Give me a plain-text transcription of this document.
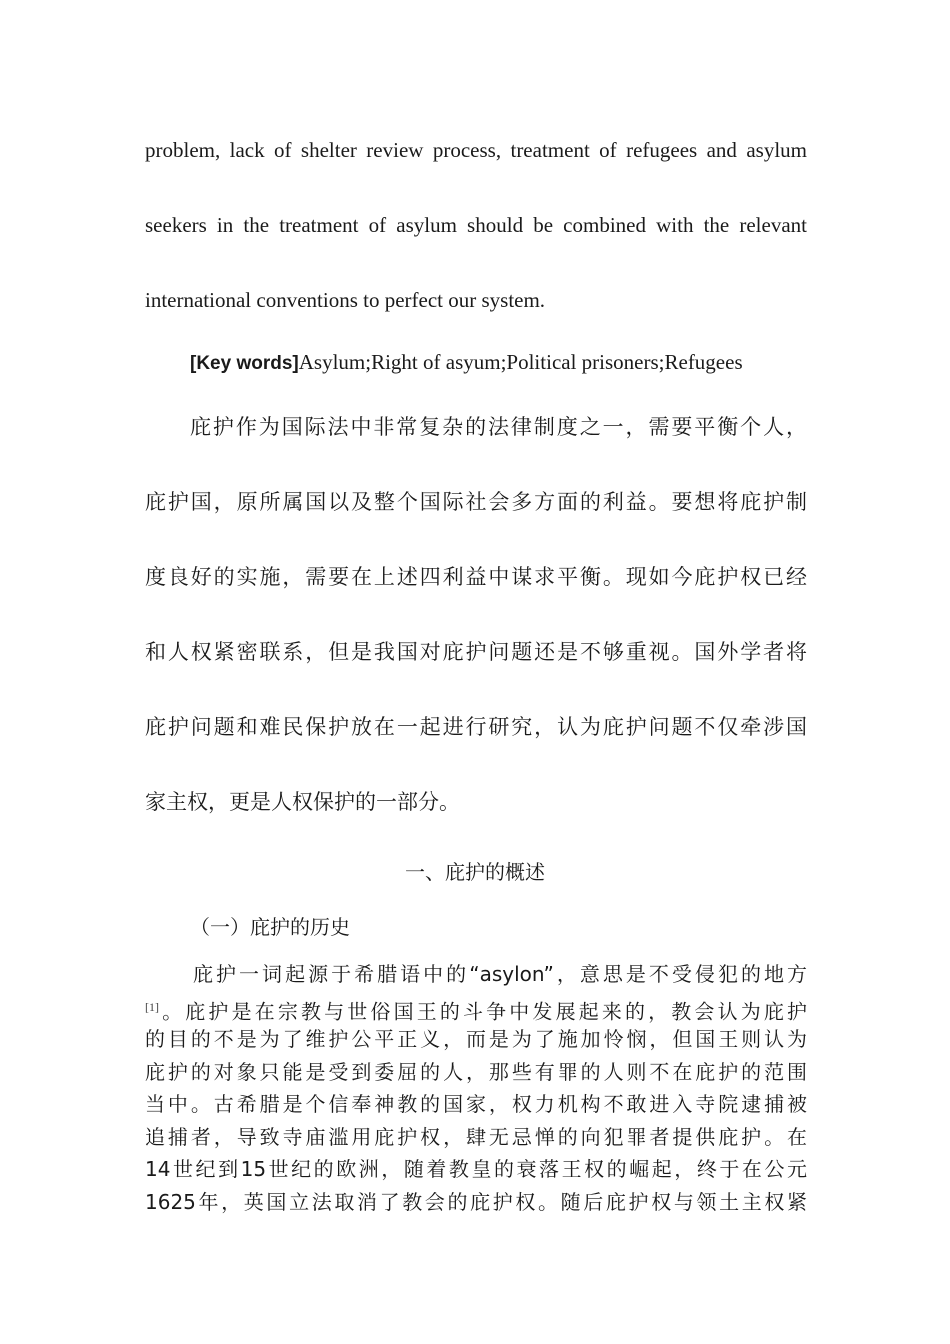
problem, lack of shelter review process, treatment of refugees and asylum
seekers in the treatment of asylum should be combined with the relevant
international conventions to perfect our system.
[Key words]Asylum;Right of asyum;Political prisoners;Refugees
庇护作为国际法中非常复杂的法律制度之一，需要平衡个人，
庇护国，原所属国以及整个国际社会多方面的利益。要想将庇护制
度良好的实施，需要在上述四利益中谋求平衡。现如今庇护权已经
和人权紧密联系，但是我国对庇护问题还是不够重视。国外学者将
庇护问题和难民保护放在一起进行研究，认为庇护问题不仅牵涉国
家主权，更是人权保护的一部分。
一、庇护的概述
（一）庇护的历史
庇护一词起源于希腊语中的“asylon”，意思是不受侵犯的地方
[1]。庇护是在宗教与世俗国王的斗争中发展起来的，教会认为庇护
的目的不是为了维护公平正义，而是为了施加怜悯，但国王则认为
庇护的对象只能是受到委屈的人，那些有罪的人则不在庇护的范围
当中。古希腊是个信奉神教的国家，权力机构不敢进入寺院逮捕被
追捕者，导致寺庙滥用庇护权，肆无忌惮的向犯罪者提供庇护。在
14世纪到15世纪的欧洲，随着教皇的衰落王权的崛起，终于在公元
1625年，英国立法取消了教会的庇护权。随后庇护权与领土主权紧
